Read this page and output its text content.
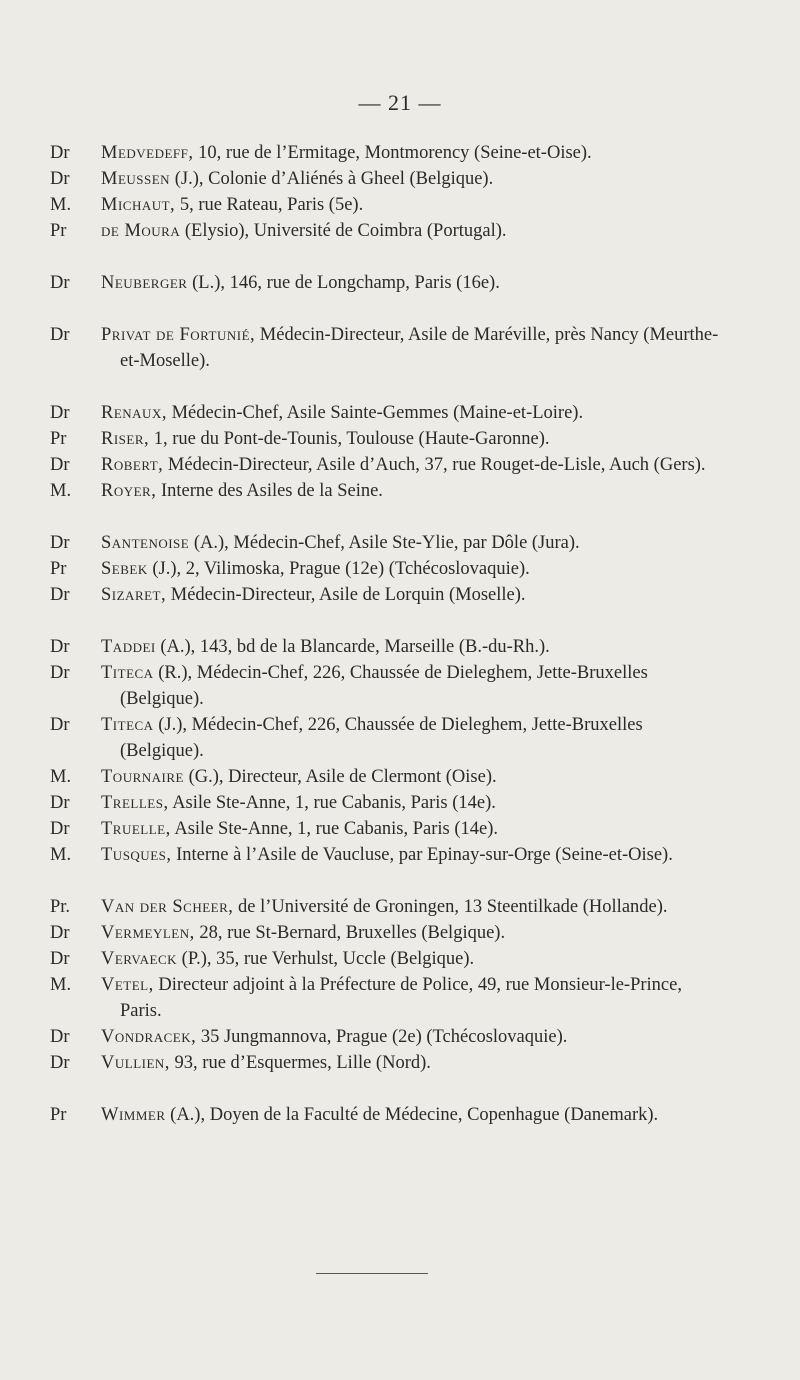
— 21 —
Dr	Medvedeff, 10, rue de l’Ermitage, Montmorency (Seine-et-Oise).
Dr	Meussen (J.), Colonie d’Aliénés à Gheel (Belgique).
M.	Michaut, 5, rue Rateau, Paris (5e).
Pr	de Moura (Elysio), Université de Coimbra (Portugal).
Dr	Neuberger (L.), 146, rue de Longchamp, Paris (16e).
Dr	Privat de Fortunié, Médecin-Directeur, Asile de Maréville, près Nancy (Meurthe-et-Moselle).
Dr	Renaux, Médecin-Chef, Asile Sainte-Gemmes (Maine-et-Loire).
Pr	Riser, 1, rue du Pont-de-Tounis, Toulouse (Haute-Garonne).
Dr	Robert, Médecin-Directeur, Asile d’Auch, 37, rue Rouget-de-Lisle, Auch (Gers).
M.	Royer, Interne des Asiles de la Seine.
Dr	Santenoise (A.), Médecin-Chef, Asile Ste-Ylie, par Dôle (Jura).
Pr	Sebek (J.), 2, Vilimoska, Prague (12e) (Tchécoslovaquie).
Dr	Sizaret, Médecin-Directeur, Asile de Lorquin (Moselle).
Dr	Taddei (A.), 143, bd de la Blancarde, Marseille (B.-du-Rh.).
Dr	Titeca (R.), Médecin-Chef, 226, Chaussée de Dieleghem, Jette-Bruxelles (Belgique).
Dr	Titeca (J.), Médecin-Chef, 226, Chaussée de Dieleghem, Jette-Bruxelles (Belgique).
M.	Tournaire (G.), Directeur, Asile de Clermont (Oise).
Dr	Trelles, Asile Ste-Anne, 1, rue Cabanis, Paris (14e).
Dr	Truelle, Asile Ste-Anne, 1, rue Cabanis, Paris (14e).
M.	Tusques, Interne à l’Asile de Vaucluse, par Epinay-sur-Orge (Seine-et-Oise).
Pr.	Van der Scheer, de l’Université de Groningen, 13 Steentilkade (Hollande).
Dr	Vermeylen, 28, rue St-Bernard, Bruxelles (Belgique).
Dr	Vervaeck (P.), 35, rue Verhulst, Uccle (Belgique).
M.	Vetel, Directeur adjoint à la Préfecture de Police, 49, rue Monsieur-le-Prince, Paris.
Dr	Vondracek, 35 Jungmannova, Prague (2e) (Tchécoslovaquie).
Dr	Vullien, 93, rue d’Esquermes, Lille (Nord).
Pr	Wimmer (A.), Doyen de la Faculté de Médecine, Copenhague (Danemark).
